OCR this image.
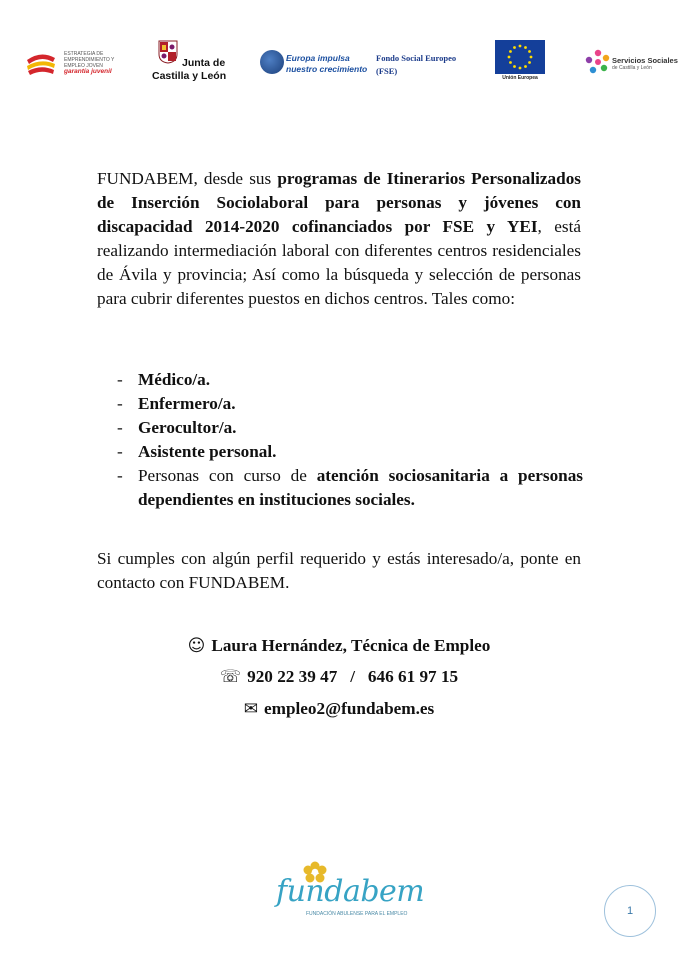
ESTRATEGIA DE
EMPRENDIMIENTO Y
EMPLEO JOVEN
garantía juvenil
Junta de
Castilla y León
Europa impulsa
nuestro crecimiento
Fondo Social Europeo
(FSE)
Unión Europea
Servicios Sociales
de Castilla y León
FUNDABEM, desde sus programas de Itinerarios Personalizados de Inserción Sociolaboral para personas y jóvenes con discapacidad 2014-2020 cofinanciados por FSE y YEI, está realizando intermediación laboral con diferentes centros residenciales de Ávila y provincia; Así como la búsqueda y selección de personas para cubrir diferentes puestos en dichos centros. Tales como:
- Médico/a.
- Enfermero/a.
- Gerocultor/a.
- Asistente personal.
- Personas con curso de atención sociosanitaria a personas dependientes en instituciones sociales.
Si cumples con algún perfil requerido y estás interesado/a, ponte en contacto con FUNDABEM.
☺ Laura Hernández, Técnica de Empleo
☏ 920 22 39 47   /   646 61 97 15
✉ empleo2@fundabem.es
fundabem
FUNDACIÓN ABULENSE PARA EL EMPLEO	1
